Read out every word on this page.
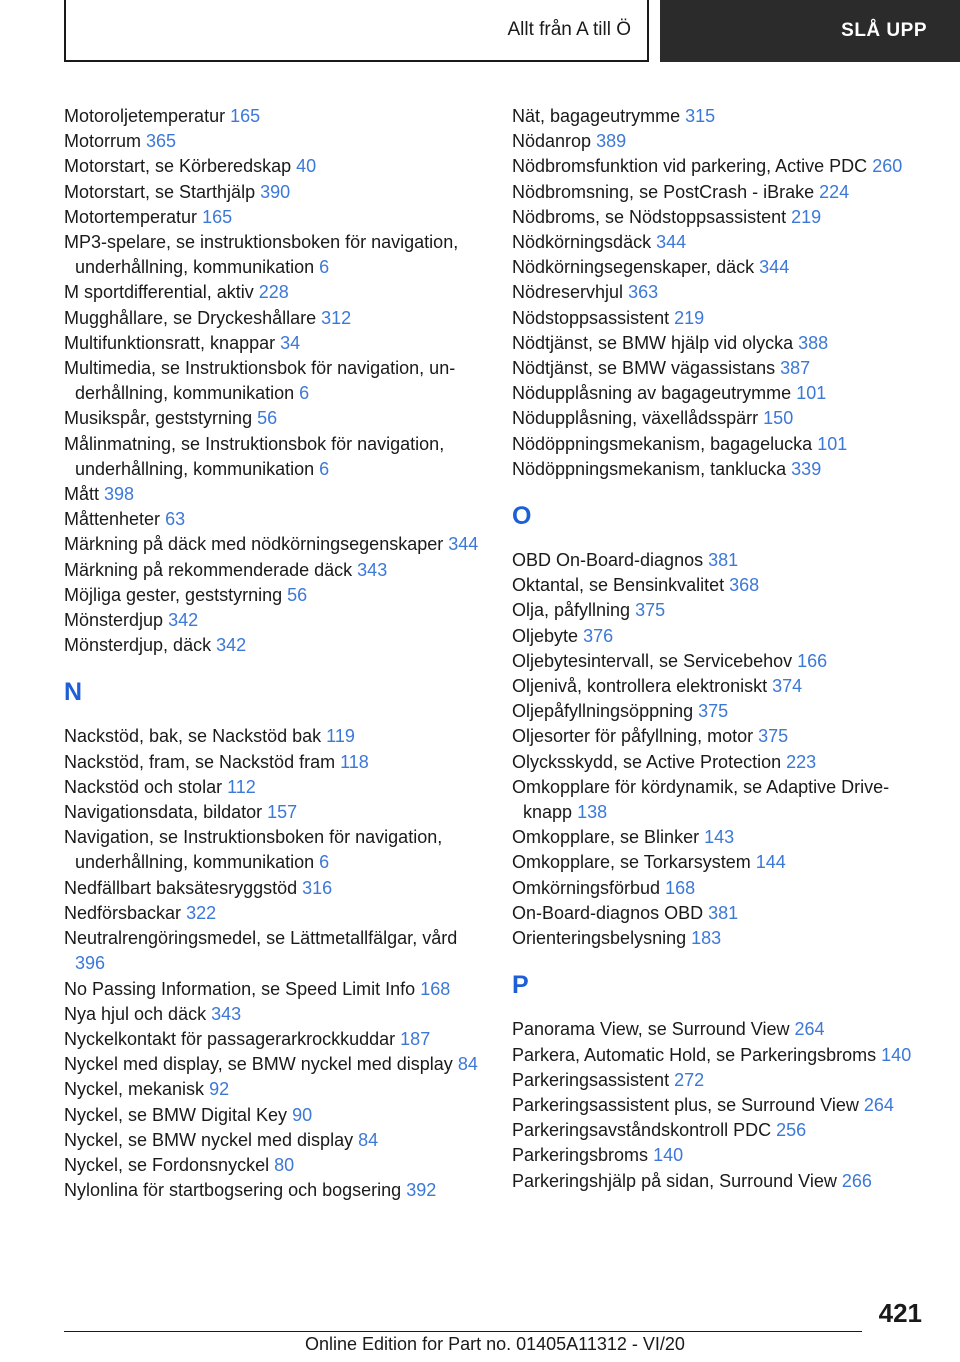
Allt från A till Ö	SLÅ UPP

Motoroljetemperatur 165

Motorrum 365

Motorstart, se Körberedskap 40

Motorstart, se Starthjälp 390

Motortemperatur 165

MP3-spelare, se instruktionsboken för navigation, underhållning, kommunikation 6

M sportdifferential, aktiv 228

Mugghållare, se Dryckeshållare 312

Multifunktionsratt, knappar 34

Multimedia, se Instruktionsbok för navigation, underhållning, kommunikation 6

Musikspår, geststyrning 56

Målinmatning, se Instruktionsbok för navigation, underhållning, kommunikation 6

Mått 398

Måttenheter 63

Märkning på däck med nödkörningsegenskaper 344

Märkning på rekommenderade däck 343

Möjliga gester, geststyrning 56

Mönsterdjup 342

Mönsterdjup, däck 342

N

Nackstöd, bak, se Nackstöd bak 119

Nackstöd, fram, se Nackstöd fram 118

Nackstöd och stolar 112

Navigationsdata, bildator 157

Navigation, se Instruktionsboken för navigation, underhållning, kommunikation 6

Nedfällbart baksätesryggstöd 316

Nedförsbackar 322

Neutralrengöringsmedel, se Lättmetallfälgar, vård 396

No Passing Information, se Speed Limit Info 168

Nya hjul och däck 343

Nyckelkontakt för passagerarkrockkuddar 187

Nyckel med display, se BMW nyckel med display 84

Nyckel, mekanisk 92

Nyckel, se BMW Digital Key 90

Nyckel, se BMW nyckel med display 84

Nyckel, se Fordonsnyckel 80

Nylonlina för startbogsering och bogsering 392

Nät, bagageutrymme 315

Nödanrop 389

Nödbromsfunktion vid parkering, Active PDC 260

Nödbromsning, se PostCrash - iBrake 224

Nödbroms, se Nödstoppsassistent 219

Nödkörningsdäck 344

Nödkörningsegenskaper, däck 344

Nödreservhjul 363

Nödstoppsassistent 219

Nödtjänst, se BMW hjälp vid olycka 388

Nödtjänst, se BMW vägassistans 387

Nödupplåsning av bagageutrymme 101

Nödupplåsning, växellådsspärr 150

Nödöppningsmekanism, bagagelucka 101

Nödöppningsmekanism, tanklucka 339

O

OBD On-Board-diagnos 381

Oktantal, se Bensinkvalitet 368

Olja, påfyllning 375

Oljebyte 376

Oljebytesintervall, se Servicebehov 166

Oljenivå, kontrollera elektroniskt 374

Oljepåfyllningsöppning 375

Oljesorter för påfyllning, motor 375

Olycksskydd, se Active Protection 223

Omkopplare för kördynamik, se Adaptive Driveknapp 138

Omkopplare, se Blinker 143

Omkopplare, se Torkarsystem 144

Omkörningsförbud 168

On-Board-diagnos OBD 381

Orienteringsbelysning 183

P

Panorama View, se Surround View 264

Parkera, Automatic Hold, se Parkeringsbroms 140

Parkeringsassistent 272

Parkeringsassistent plus, se Surround View 264

Parkeringsavståndskontroll PDC 256

Parkeringsbroms 140

Parkeringshjälp på sidan, Surround View 266

421
Online Edition for Part no. 01405A11312 - VI/20
